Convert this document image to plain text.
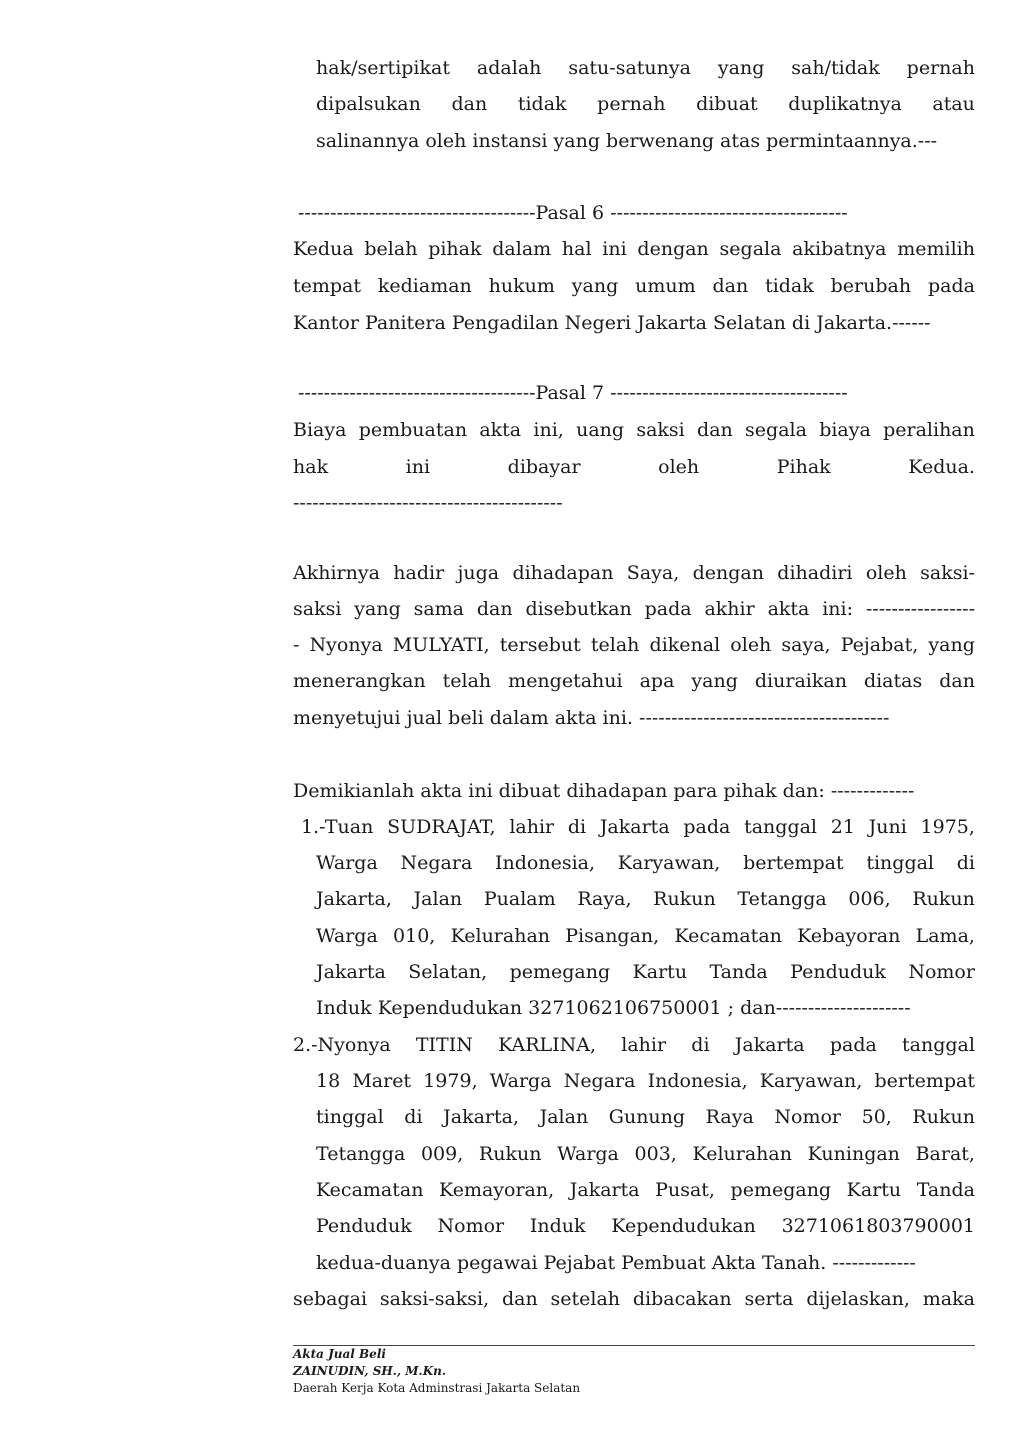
hak/sertipikat adalah satu-satunya yang sah/tidak pernah
dipalsukan dan tidak pernah dibuat duplikatnya atau
salinannya oleh instansi yang berwenang atas permintaannya.---
-------------------------------------Pasal 6 -------------------------------------
Kedua belah pihak dalam hal ini dengan segala akibatnya memilih
tempat kediaman hukum yang umum dan tidak berubah pada
Kantor Panitera Pengadilan Negeri Jakarta Selatan di Jakarta.------
-------------------------------------Pasal 7 -------------------------------------
Biaya pembuatan akta ini, uang saksi dan segala biaya peralihan
hak	ini	dibayar	oleh	Pihak	Kedua.
------------------------------------------
Akhirnya hadir juga dihadapan Saya, dengan dihadiri oleh saksi-
saksi yang sama dan disebutkan pada akhir akta ini: -----------------
- Nyonya MULYATI, tersebut telah dikenal oleh saya, Pejabat, yang
menerangkan telah mengetahui apa yang diuraikan diatas dan
menyetujui jual beli dalam akta ini. ---------------------------------------
Demikianlah akta ini dibuat dihadapan para pihak dan: -------------
1.-Tuan SUDRAJAT, lahir di Jakarta pada tanggal 21 Juni 1975,
Warga Negara Indonesia, Karyawan, bertempat tinggal di
Jakarta, Jalan Pualam Raya, Rukun Tetangga 006, Rukun
Warga 010, Kelurahan Pisangan, Kecamatan Kebayoran Lama,
Jakarta Selatan, pemegang Kartu Tanda Penduduk Nomor
Induk Kependudukan 3271062106750001 ; dan---------------------
2.-Nyonya TITIN KARLINA, lahir di Jakarta pada tanggal
18 Maret 1979, Warga Negara Indonesia, Karyawan, bertempat
tinggal di Jakarta, Jalan Gunung Raya Nomor 50, Rukun
Tetangga 009, Rukun Warga 003, Kelurahan Kuningan Barat,
Kecamatan Kemayoran, Jakarta Pusat, pemegang Kartu Tanda
Penduduk Nomor Induk Kependudukan 3271061803790001
kedua-duanya pegawai Pejabat Pembuat Akta Tanah. -------------
sebagai saksi-saksi, dan setelah dibacakan serta dijelaskan, maka
Akta Jual Beli
ZAINUDIN, SH., M.Kn.
Daerah Kerja Kota Adminstrasi Jakarta Selatan
